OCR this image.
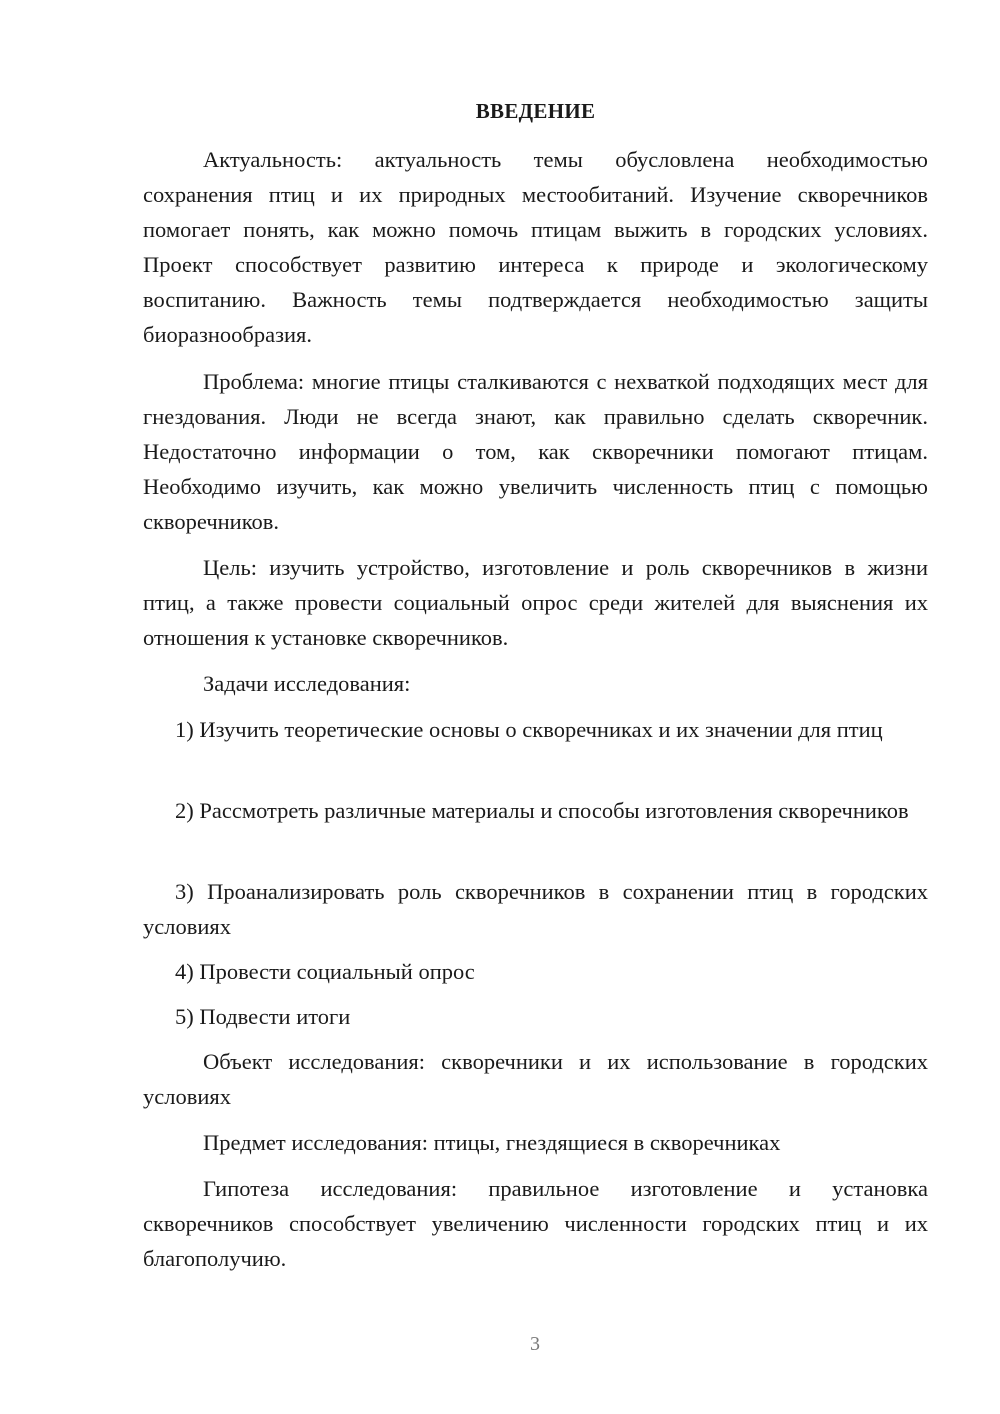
ВВЕДЕНИЕ

Актуальность: актуальность темы обусловлена необходимостью сохранения птиц и их природных местообитаний. Изучение скворечников помогает понять, как можно помочь птицам выжить в городских условиях. Проект способствует развитию интереса к природе и экологическому воспитанию. Важность темы подтверждается необходимостью защиты биоразнообразия.

Проблема: многие птицы сталкиваются с нехваткой подходящих мест для гнездования. Люди не всегда знают, как правильно сделать скворечник. Недостаточно информации о том, как скворечники помогают птицам. Необходимо изучить, как можно увеличить численность птиц с помощью скворечников.

Цель: изучить устройство, изготовление и роль скворечников в жизни птиц, а также провести социальный опрос среди жителей для выяснения их отношения к установке скворечников.

Задачи исследования:

1) Изучить теоретические основы о скворечниках и их значении для птиц

2) Рассмотреть различные материалы и способы изготовления скворечников

3) Проанализировать роль скворечников в сохранении птиц в городских условиях

4) Провести социальный опрос

5) Подвести итоги

Объект исследования: скворечники и их использование в городских условиях

Предмет исследования: птицы, гнездящиеся в скворечниках

Гипотеза исследования: правильное изготовление и установка скворечников способствует увеличению численности городских птиц и их благополучию.

3
